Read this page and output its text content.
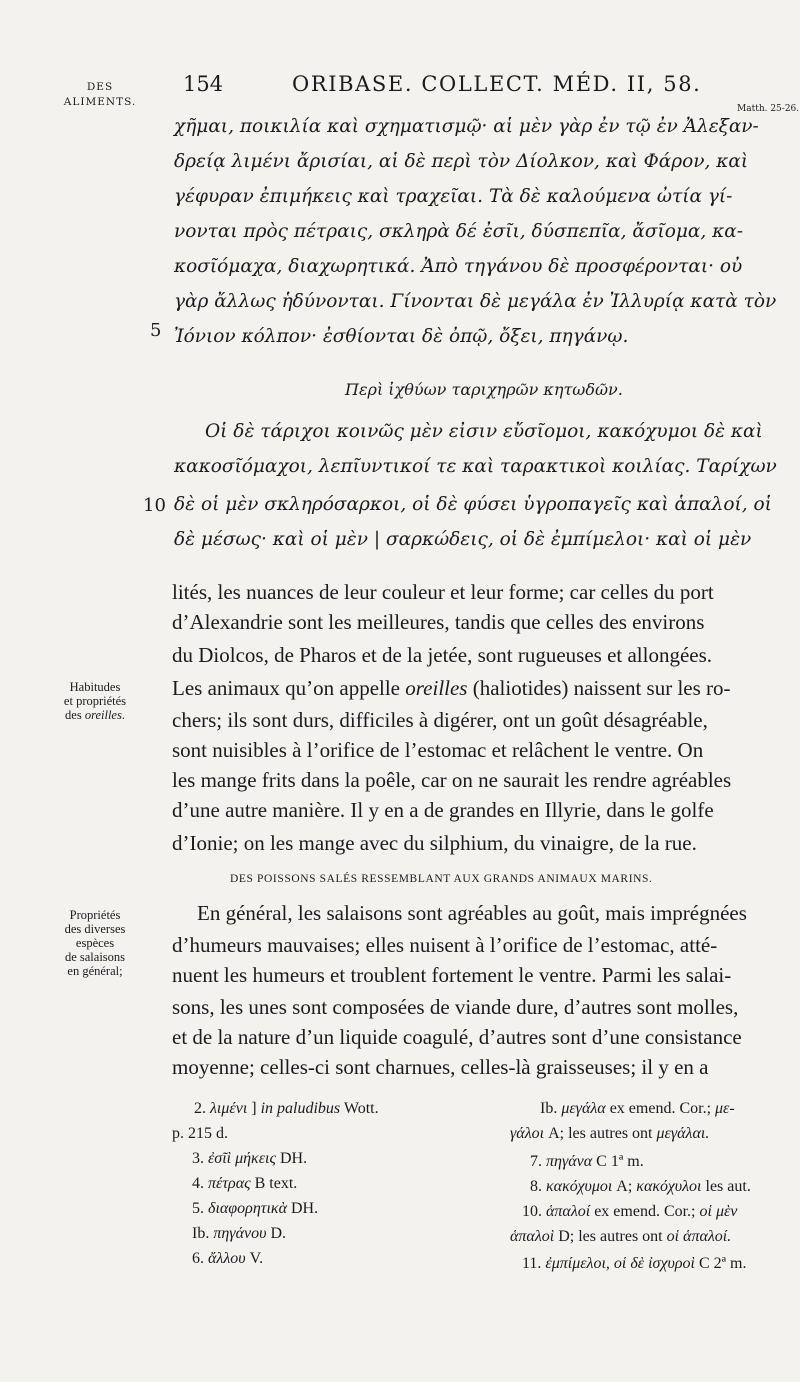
DES ALIMENTS.
154	ORIBASE. COLLECT. MÉD. II, 58.
Matth. 25-26.
5
χῆμαι, ποικιλία καὶ σχηματισμῷ· αἱ μὲν γὰρ ἐν τῷ ἐν Ἀλεξαν-
δρείᾳ λιμένι ἄρισίαι, αἱ δὲ περὶ τὸν Δίολκον, καὶ Φάρον, καὶ
γέφυραν ἐπιμήκεις καὶ τραχεῖαι. Τὰ δὲ καλούμενα ὠτία γί-
νονται πρὸς πέτραις, σκληρὰ δέ ἐσῖι, δύσπεπῖα, ἄσῖομα, κα-
κοσῖόμαχα, διαχωρητικά. Ἀπὸ τηγάνου δὲ προσφέρονται· οὐ
γὰρ ἄλλως ἡδύνονται. Γίνονται δὲ μεγάλα ἐν Ἰλλυρίᾳ κατὰ τὸν
Ἰόνιον κόλπον· ἐσθίονται δὲ ὀπῷ, ὄξει, πηγάνῳ.
Περὶ ἰχθύων ταριχηρῶν κητωδῶν.
Οἱ δὲ τάριχοι κοινῶς μὲν εἰσιν εὔσῖομοι, κακόχυμοι δὲ καὶ
κακοσῖόμαχοι, λεπῖυντικοί τε καὶ ταρακτικοὶ κοιλίας. Ταρίχων
10 δὲ οἱ μὲν σκληρόσαρκοι, οἱ δὲ φύσει ὑγροπαγεῖς καὶ ἁπαλοί, οἱ
δὲ μέσως· καὶ οἱ μὲν | σαρκώδεις, οἱ δὲ ἐμπίμελοι· καὶ οἱ μὲν
lités, les nuances de leur couleur et leur forme; car celles du port
d’Alexandrie sont les meilleures, tandis que celles des environs
du Diolcos, de Pharos et de la jetée, sont rugueuses et allongées.
Les animaux qu’on appelle oreilles (haliotides) naissent sur les ro-
chers; ils sont durs, difficiles à digérer, ont un goût désagréable,
sont nuisibles à l’orifice de l’estomac et relâchent le ventre. On
les mange frits dans la poêle, car on ne saurait les rendre agréables
d’une autre manière. Il y en a de grandes en Illyrie, dans le golfe
d’Ionie; on les mange avec du silphium, du vinaigre, de la rue.
Habitudes
et propriétés
des oreilles.
DES POISSONS SALÉS RESSEMBLANT AUX GRANDS ANIMAUX MARINS.
En général, les salaisons sont agréables au goût, mais imprégnées
d’humeurs mauvaises; elles nuisent à l’orifice de l’estomac, atté-
nuent les humeurs et troublent fortement le ventre. Parmi les salai-
sons, les unes sont composées de viande dure, d’autres sont molles,
et de la nature d’un liquide coagulé, d’autres sont d’une consistance
moyenne; celles-ci sont charnues, celles-là graisseuses; il y en a
Propriétés
des diverses
espèces
de salaisons
en général;
2. λιμένι ] in paludibus Wott.
p. 215 d.
3. ἐσῖὶ μήκεις DH.
4. πέτρας B text.
5. διαφορητικὰ DH.
Ib. πηγάνου D.
6. ἄλλου V.
Ib. μεγάλα ex emend. Cor.; με-
γάλοι A; les autres ont μεγάλαι.
7. πηγάνα C 1ª m.
8. κακόχυμοι A; κακόχυλοι les aut.
10. ἁπαλοί ex emend. Cor.; οἱ μὲν
ἁπαλοὶ D; les autres ont οἱ ἁπαλοί.
11. ἐμπίμελοι, οἱ δὲ ἰσχυροὶ C 2ª m.
